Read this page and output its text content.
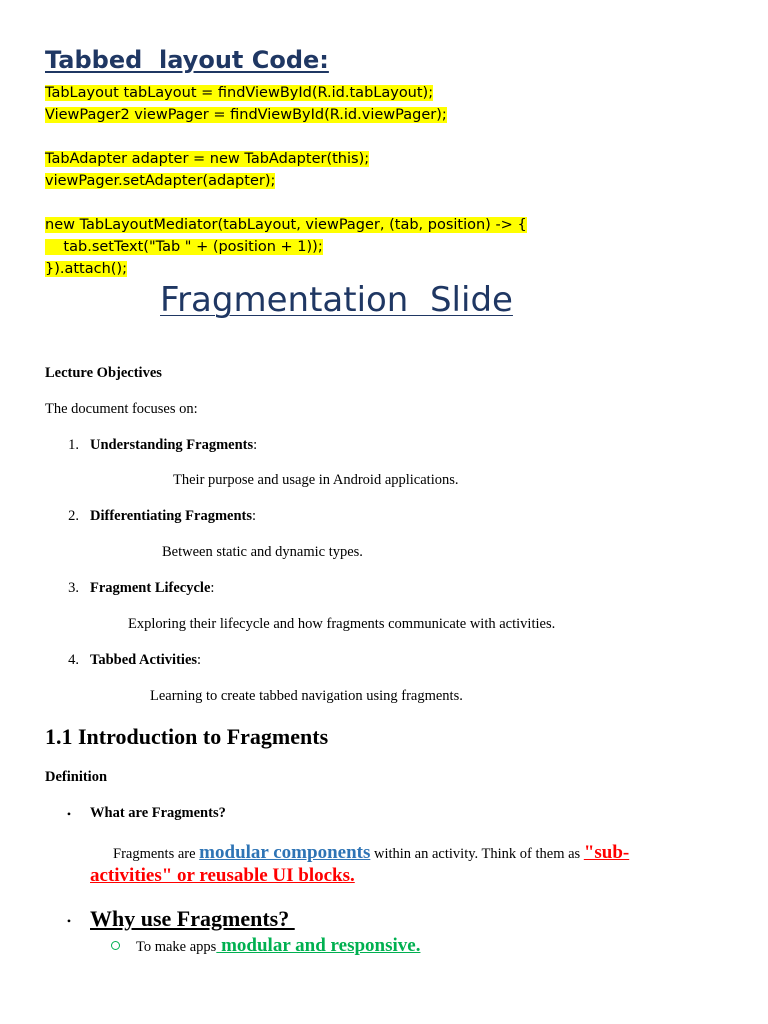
Tabbed  layout Code:
TabLayout tabLayout = findViewById(R.id.tabLayout);
ViewPager2 viewPager = findViewById(R.id.viewPager);
TabAdapter adapter = new TabAdapter(this);
viewPager.setAdapter(adapter);
new TabLayoutMediator(tabLayout, viewPager, (tab, position) -> {
tab.setText("Tab " + (position + 1));
}).attach();
Fragmentation  Slide

Lecture Objectives

The document focuses on:

1. Understanding Fragments:

Their purpose and usage in Android applications.

2. Differentiating Fragments:

Between static and dynamic types.

3. Fragment Lifecycle:

Exploring their lifecycle and how fragments communicate with activities.

4. Tabbed Activities:

Learning to create tabbed navigation using fragments.

1.1 Introduction to Fragments

Definition

• What are Fragments?

Fragments are modular components within an activity. Think of them as "sub-

activities" or reusable UI blocks.

• Why use Fragments?

To make apps modular and responsive.
